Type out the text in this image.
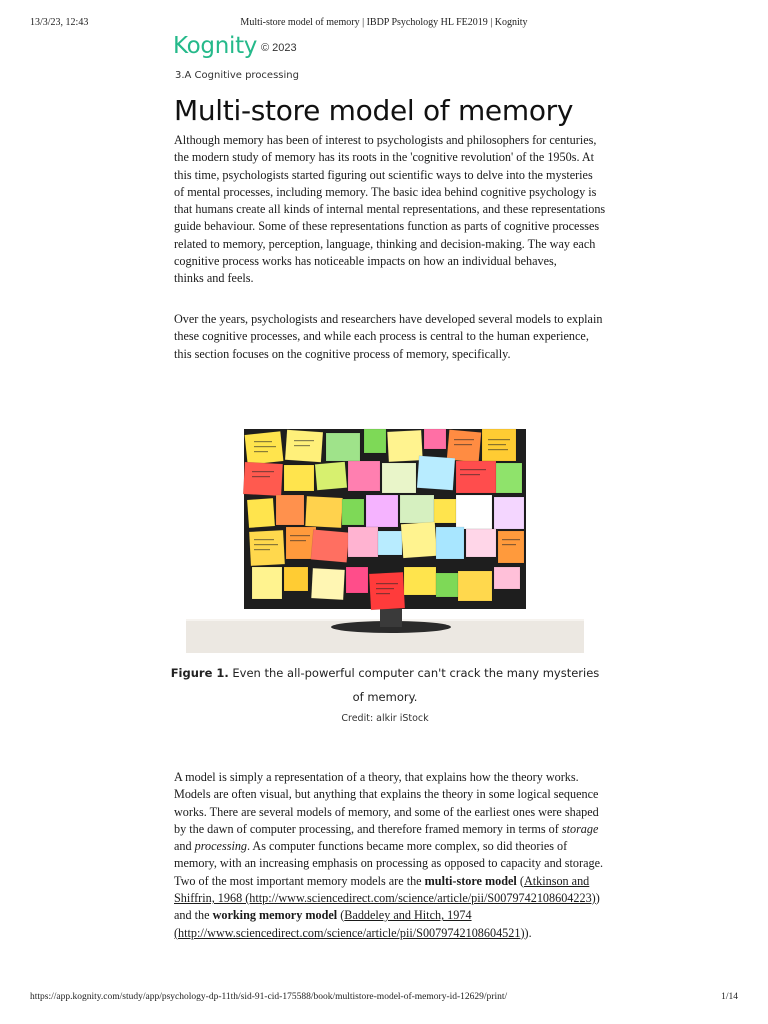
13/3/23, 12:43	Multi-store model of memory | IBDP Psychology HL FE2019 | Kognity
Kognity © 2023
3.A Cognitive processing
Multi-store model of memory
Although memory has been of interest to psychologists and philosophers for centuries,
the modern study of memory has its roots in the 'cognitive revolution' of the 1950s. At
this time, psychologists started figuring out scientific ways to delve into the mysteries
of mental processes, including memory. The basic idea behind cognitive psychology is
that humans create all kinds of internal mental representations, and these representations
guide behaviour. Some of these representations function as parts of cognitive processes
related to memory, perception, language, thinking and decision-making. The way each
cognitive process works has noticeable impacts on how an individual behaves,
thinks and feels.
Over the years, psychologists and researchers have developed several models to explain
these cognitive processes, and while each process is central to the human experience,
this section focuses on the cognitive process of memory, specifically.
Figure 1. Even the all-powerful computer can't crack the many mysteries
of memory.
Credit: alkir iStock
A model is simply a representation of a theory, that explains how the theory works.
Models are often visual, but anything that explains the theory in some logical sequence
works. There are several models of memory, and some of the earliest ones were shaped
by the dawn of computer processing, and therefore framed memory in terms of storage
and processing. As computer functions became more complex, so did theories of
memory, with an increasing emphasis on processing as opposed to capacity and storage.
Two of the most important memory models are the multi-store model (Atkinson and
Shiffrin, 1968 (http://www.sciencedirect.com/science/article/pii/S0079742108604223))
and the working memory model (Baddeley and Hitch, 1974
(http://www.sciencedirect.com/science/article/pii/S0079742108604521)).
https://app.kognity.com/study/app/psychology-dp-11th/sid-91-cid-175588/book/multistore-model-of-memory-id-12629/print/	1/14
